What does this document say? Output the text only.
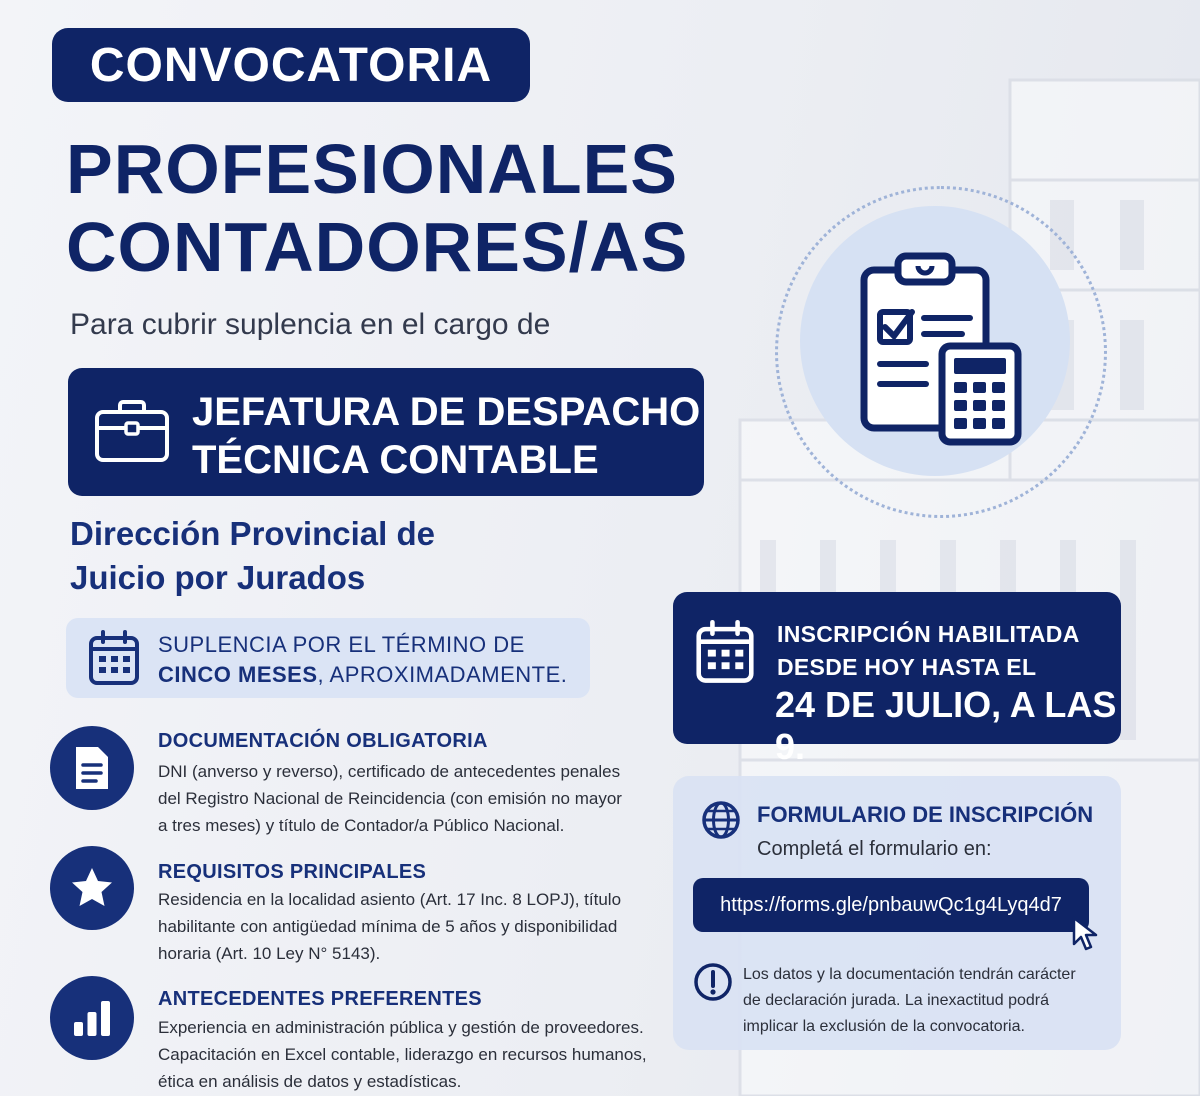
CONVOCATORIA
PROFESIONALES
CONTADORES/AS
Para cubrir suplencia en el cargo de
JEFATURA DE DESPACHO
TÉCNICA CONTABLE
Dirección Provincial de
Juicio por Jurados
SUPLENCIA POR EL TÉRMINO DE
CINCO MESES, APROXIMADAMENTE.
DOCUMENTACIÓN OBLIGATORIA
DNI (anverso y reverso), certificado de antecedentes penales
del Registro Nacional de Reincidencia (con emisión no mayor
a tres meses) y título de Contador/a Público Nacional.
REQUISITOS PRINCIPALES
Residencia en la localidad asiento (Art. 17 Inc. 8 LOPJ), título
habilitante con antigüedad mínima de 5 años y disponibilidad
horaria (Art. 10 Ley N° 5143).
ANTECEDENTES PREFERENTES
Experiencia en administración pública y gestión de proveedores.
Capacitación en Excel contable, liderazgo en recursos humanos,
ética en análisis de datos y estadísticas.
INSCRIPCIÓN HABILITADA
DESDE HOY HASTA EL
24 DE JULIO, A LAS 9.
FORMULARIO DE INSCRIPCIÓN
Completá el formulario en:
https://forms.gle/pnbauwQc1g4Lyq4d7
Los datos y la documentación tendrán carácter
de declaración jurada. La inexactitud podrá
implicar la exclusión de la convocatoria.
